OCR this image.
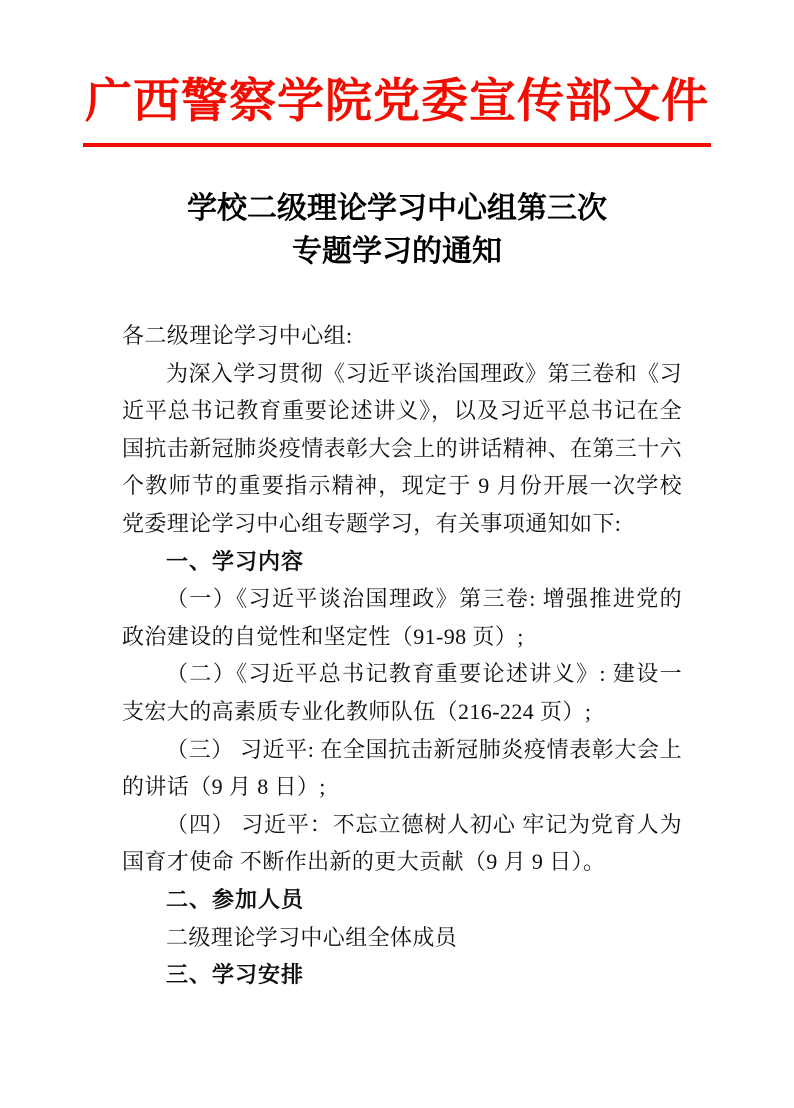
广西警察学院党委宣传部文件
学校二级理论学习中心组第三次
专题学习的通知

各二级理论学习中心组:

为深入学习贯彻《习近平谈治国理政》第三卷和《习近平总书记教育重要论述讲义》，以及习近平总书记在全国抗击新冠肺炎疫情表彰大会上的讲话精神、在第三十六个教师节的重要指示精神，现定于 9 月份开展一次学校党委理论学习中心组专题学习，有关事项通知如下:

一、学习内容

（一）《习近平谈治国理政》第三卷: 增强推进党的政治建设的自觉性和坚定性（91-98 页）;

（二）《习近平总书记教育重要论述讲义》: 建设一支宏大的高素质专业化教师队伍（216-224 页）;

（三） 习近平: 在全国抗击新冠肺炎疫情表彰大会上的讲话（9 月 8 日）;

（四） 习近平：不忘立德树人初心 牢记为党育人为国育才使命 不断作出新的更大贡献（9 月 9 日）。

二、参加人员

二级理论学习中心组全体成员

三、学习安排
